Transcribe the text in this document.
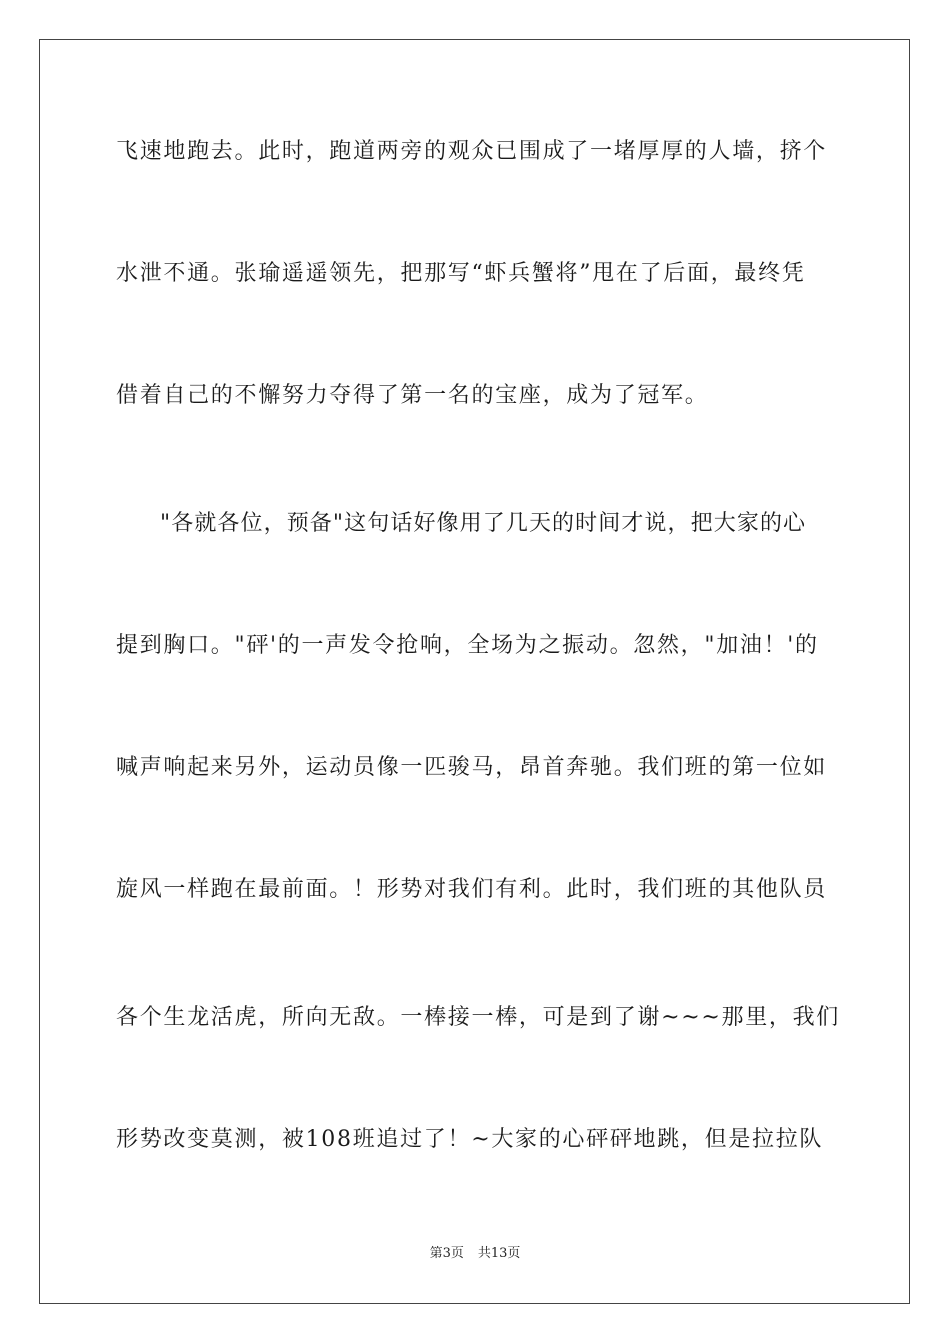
飞速地跑去。此时，跑道两旁的观众已围成了一堵厚厚的人墙，挤个
水泄不通。张瑜遥遥领先，把那写“虾兵蟹将”甩在了后面，最终凭
借着自己的不懈努力夺得了第一名的宝座，成为了冠军。
"各就各位，预备"这句话好像用了几天的时间才说，把大家的心
提到胸口。"砰'的一声发令抢响，全场为之振动。忽然，"加油！'的
喊声响起来另外，运动员像一匹骏马，昂首奔驰。我们班的第一位如
旋风一样跑在最前面。！形势对我们有利。此时，我们班的其他队员
各个生龙活虎，所向无敌。一棒接一棒，可是到了谢~~~那里，我们
形势改变莫测，被108班追过了！~大家的心砰砰地跳，但是拉拉队
第3页 共13页
